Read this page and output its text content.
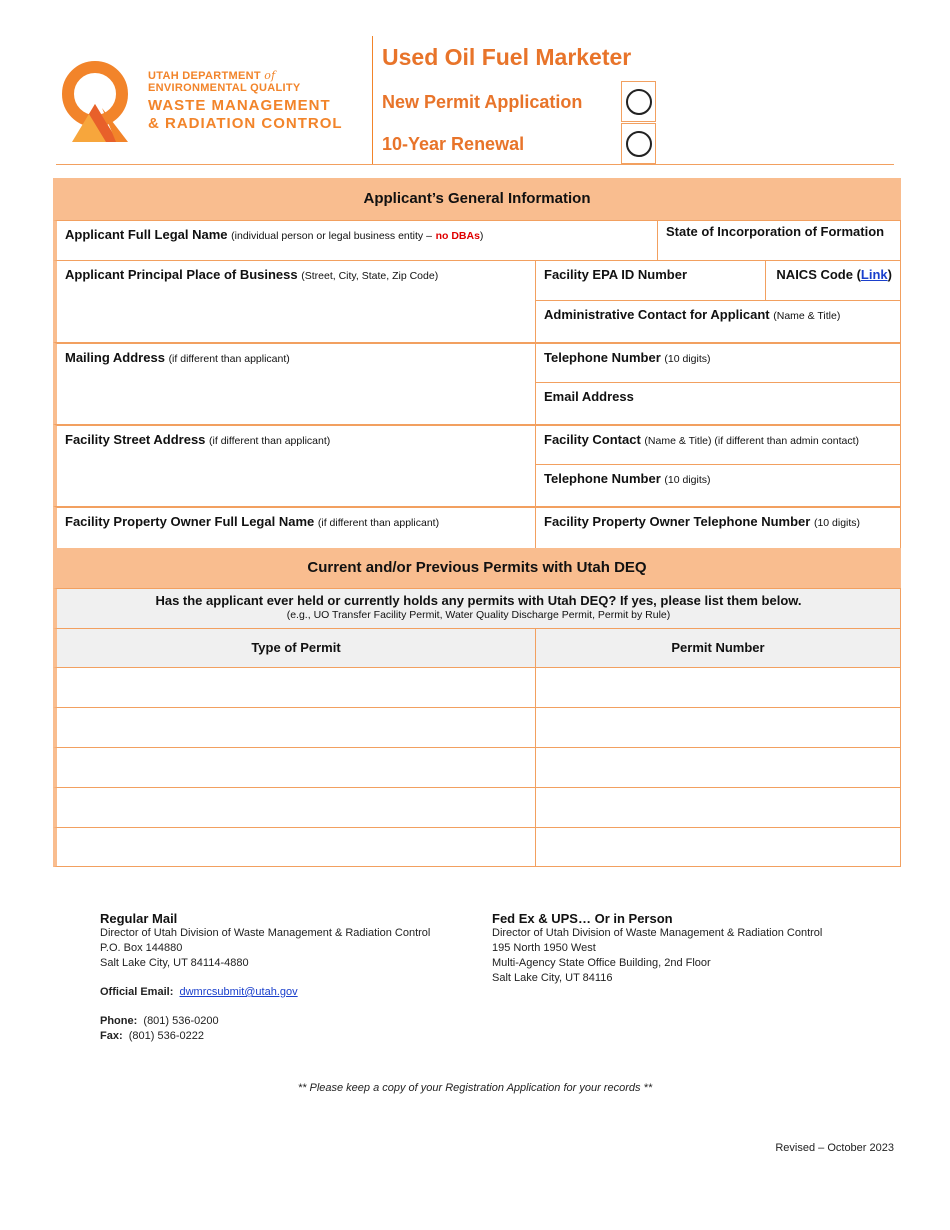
UTAH DEPARTMENT of
ENVIRONMENTAL QUALITY
WASTE MANAGEMENT
& RADIATION CONTROL
Used Oil Fuel Marketer
New Permit Application
10-Year Renewal
Applicant’s General Information
Applicant Full Legal Name (individual person or legal business entity – no DBAs)	State of Incorporation of Formation
Applicant Principal Place of Business (Street, City, State, Zip Code)	Facility EPA ID Number	NAICS Code (Link)
Administrative Contact for Applicant (Name & Title)
Mailing Address (if different than applicant)	Telephone Number (10 digits)
Email Address
Facility Street Address (if different than applicant)	Facility Contact (Name & Title) (if different than admin contact)
Telephone Number (10 digits)
Facility Property Owner Full Legal Name (if different than applicant)	Facility Property Owner Telephone Number (10 digits)
Current and/or Previous Permits with Utah DEQ
Has the applicant ever held or currently holds any permits with Utah DEQ? If yes, please list them below.
(e.g., UO Transfer Facility Permit, Water Quality Discharge Permit, Permit by Rule)
Type of Permit	Permit Number
Regular Mail
Director of Utah Division of Waste Management & Radiation Control
P.O. Box 144880
Salt Lake City, UT 84114-4880
Official Email: dwmrcsubmit@utah.gov
Phone: (801) 536-0200
Fax: (801) 536-0222
Fed Ex & UPS… Or in Person
Director of Utah Division of Waste Management & Radiation Control
195 North 1950 West
Multi-Agency State Office Building, 2nd Floor
Salt Lake City, UT 84116
** Please keep a copy of your Registration Application for your records **
Revised – October 2023
